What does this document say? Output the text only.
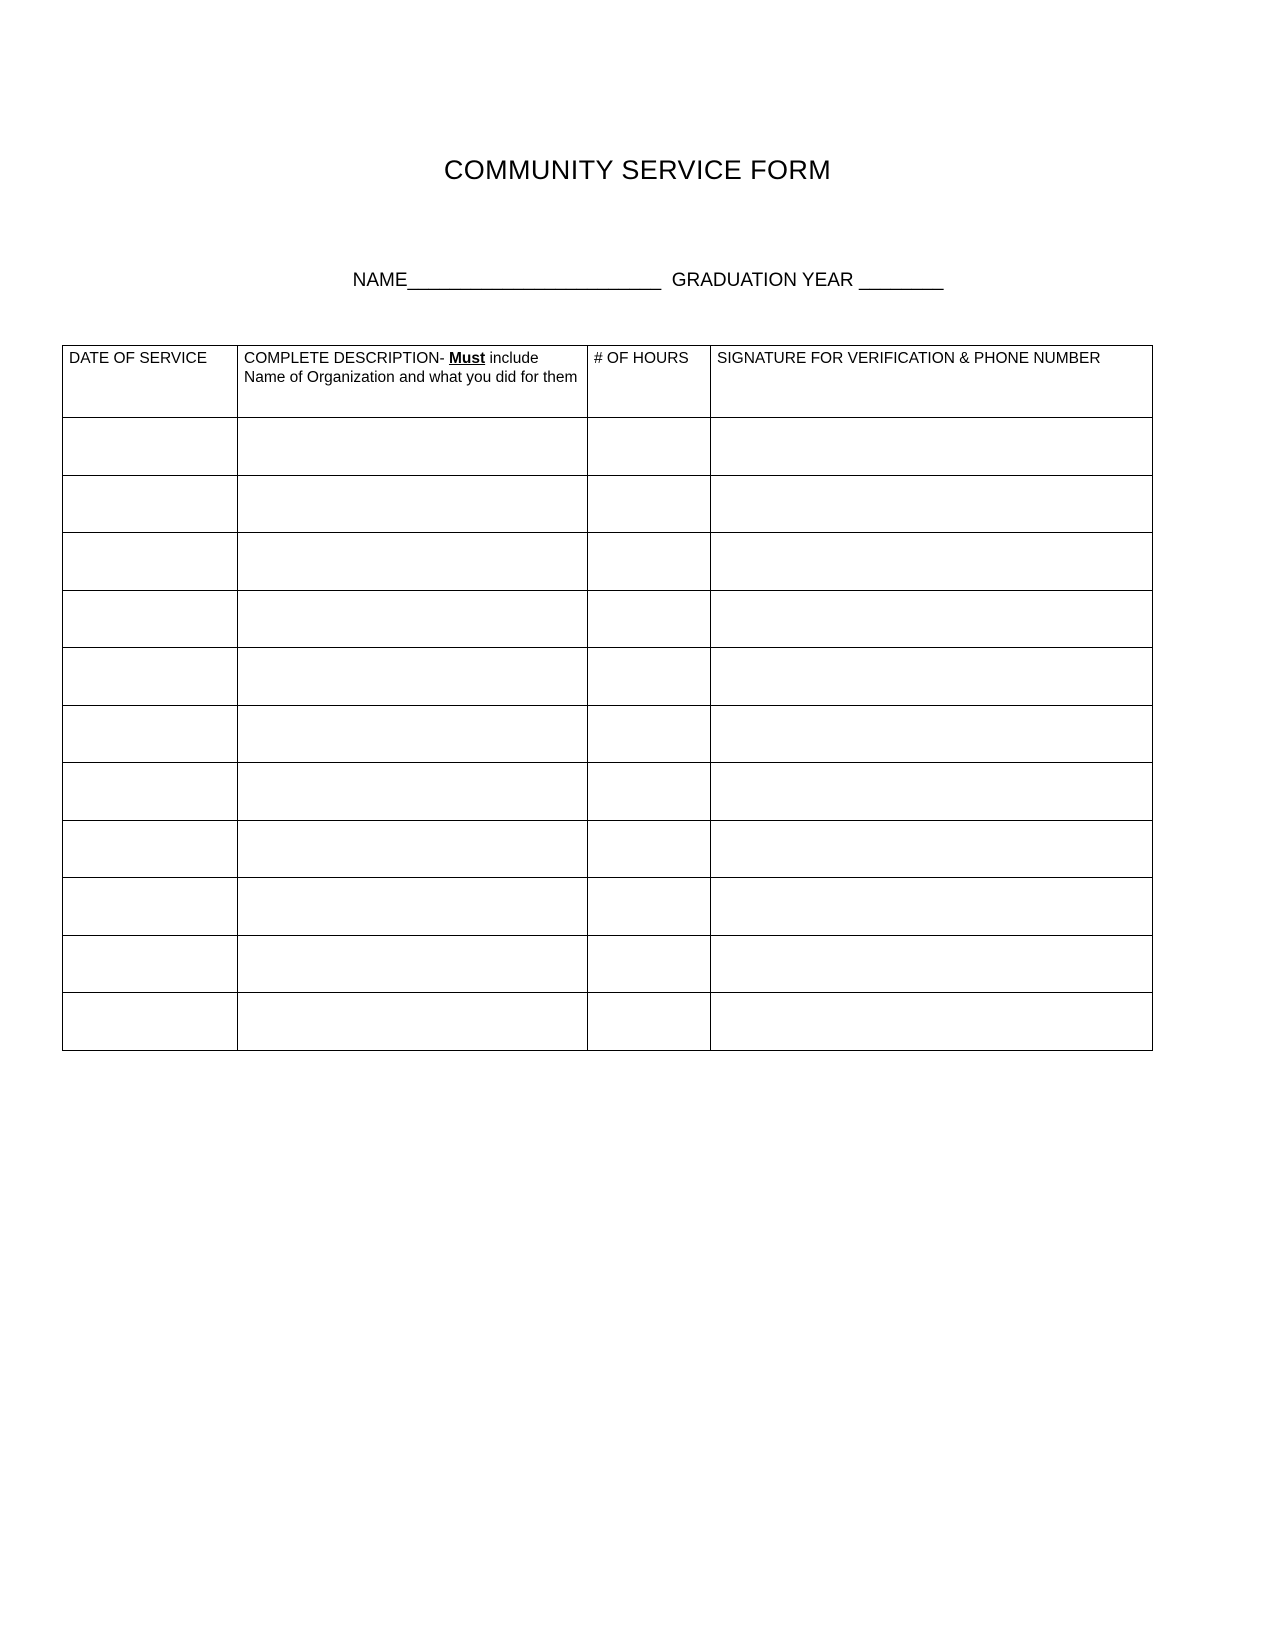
COMMUNITY SERVICE FORM

NAME________________________ GRADUATION YEAR ________

DATE OF SERVICE	COMPLETE DESCRIPTION- Must include Name of Organization and what you did for them	# OF HOURS	SIGNATURE FOR VERIFICATION & PHONE NUMBER
